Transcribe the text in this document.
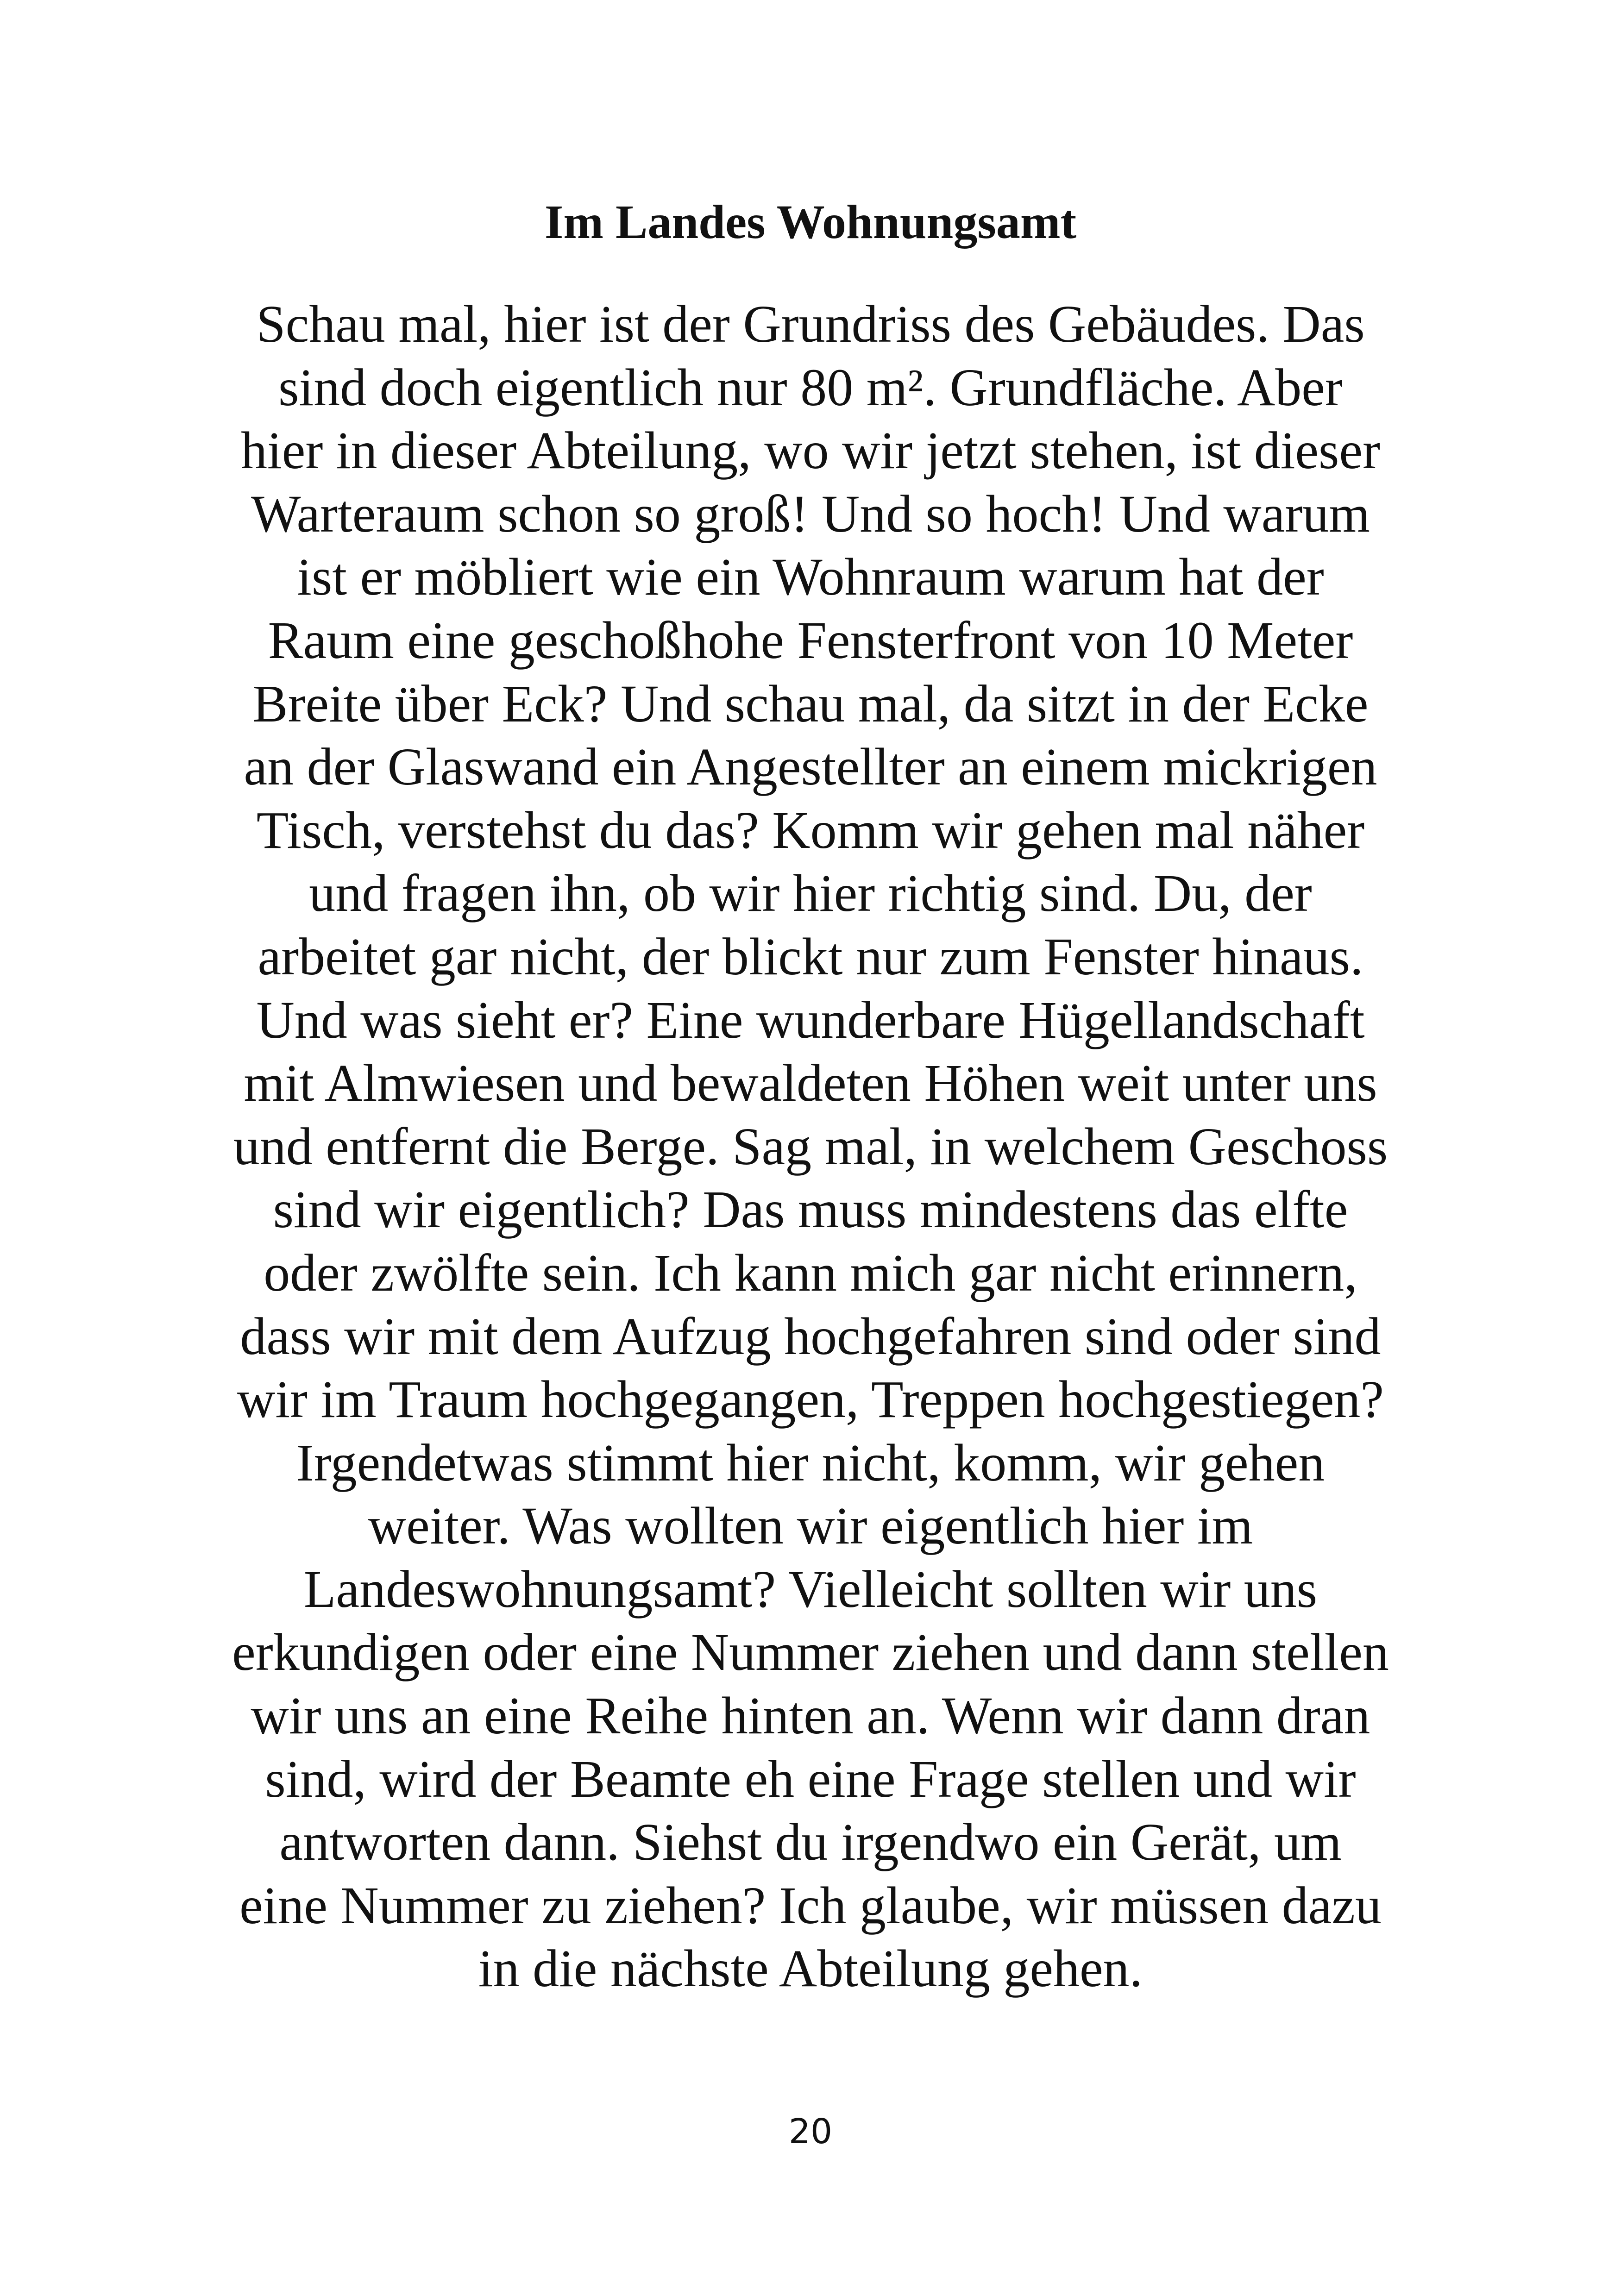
Im Landes Wohnungsamt
Schau mal, hier ist der Grundriss des Gebäudes. Das
sind doch eigentlich nur 80 m². Grundfläche. Aber
hier in dieser Abteilung, wo wir jetzt stehen, ist dieser
Warteraum schon so groß! Und so hoch! Und warum
ist er möbliert wie ein Wohnraum warum hat der
Raum eine geschoßhohe Fensterfront von 10 Meter
Breite über Eck? Und schau mal, da sitzt in der Ecke
an der Glaswand ein Angestellter an einem mickrigen
Tisch, verstehst du das? Komm wir gehen mal näher
und fragen ihn, ob wir hier richtig sind. Du, der
arbeitet gar nicht, der blickt nur zum Fenster hinaus.
Und was sieht er? Eine wunderbare Hügellandschaft
mit Almwiesen und bewaldeten Höhen weit unter uns
und entfernt die Berge. Sag mal, in welchem Geschoss
sind wir eigentlich? Das muss mindestens das elfte
oder zwölfte sein. Ich kann mich gar nicht erinnern,
dass wir mit dem Aufzug hochgefahren sind oder sind
wir im Traum hochgegangen, Treppen hochgestiegen?
Irgendetwas stimmt hier nicht, komm, wir gehen
weiter. Was wollten wir eigentlich hier im
Landeswohnungsamt? Vielleicht sollten wir uns
erkundigen oder eine Nummer ziehen und dann stellen
wir uns an eine Reihe hinten an. Wenn wir dann dran
sind, wird der Beamte eh eine Frage stellen und wir
antworten dann. Siehst du irgendwo ein Gerät, um
eine Nummer zu ziehen? Ich glaube, wir müssen dazu
in die nächste Abteilung gehen.

20
